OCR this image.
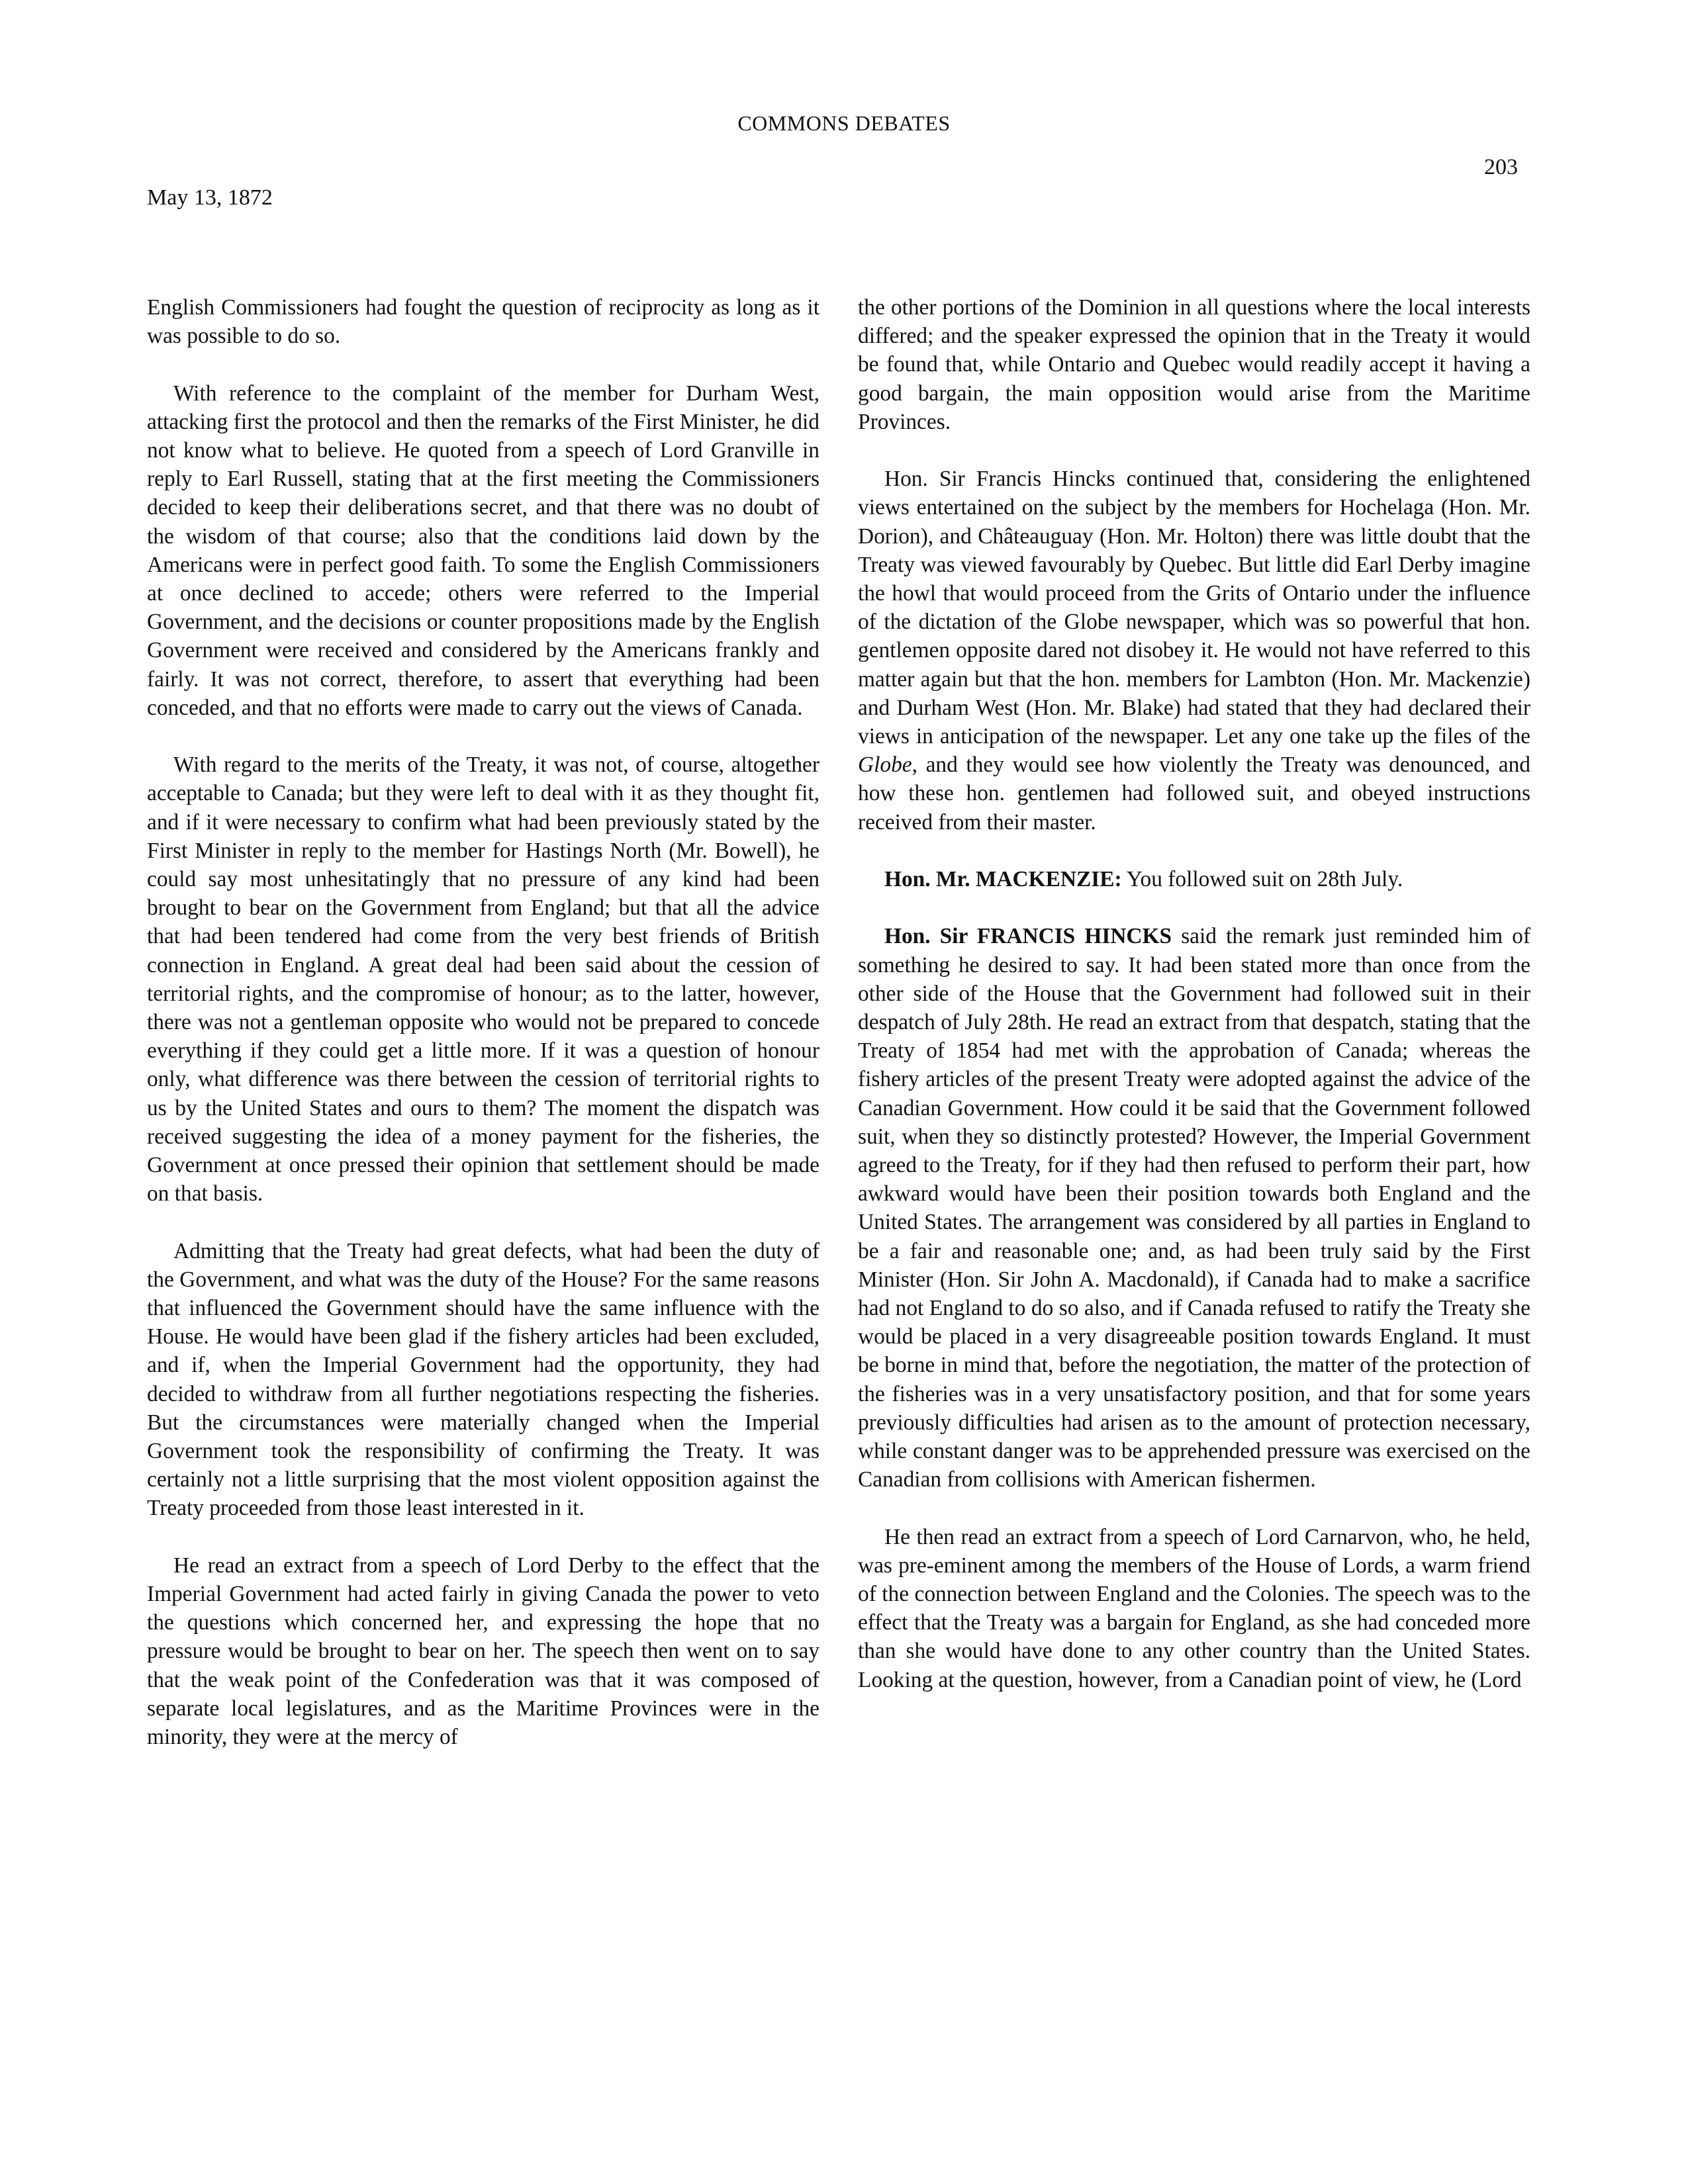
COMMONS DEBATES
203
May 13, 1872

English Commissioners had fought the question of reciprocity as long as it was possible to do so.

With reference to the complaint of the member for Durham West, attacking first the protocol and then the remarks of the First Minister, he did not know what to believe. He quoted from a speech of Lord Granville in reply to Earl Russell, stating that at the first meeting the Commissioners decided to keep their deliberations secret, and that there was no doubt of the wisdom of that course; also that the conditions laid down by the Americans were in perfect good faith. To some the English Commissioners at once declined to accede; others were referred to the Imperial Government, and the decisions or counter propositions made by the English Government were received and considered by the Americans frankly and fairly. It was not correct, therefore, to assert that everything had been conceded, and that no efforts were made to carry out the views of Canada.

With regard to the merits of the Treaty, it was not, of course, altogether acceptable to Canada; but they were left to deal with it as they thought fit, and if it were necessary to confirm what had been previously stated by the First Minister in reply to the member for Hastings North (Mr. Bowell), he could say most unhesitatingly that no pressure of any kind had been brought to bear on the Government from England; but that all the advice that had been tendered had come from the very best friends of British connection in England. A great deal had been said about the cession of territorial rights, and the compromise of honour; as to the latter, however, there was not a gentleman opposite who would not be prepared to concede everything if they could get a little more. If it was a question of honour only, what difference was there between the cession of territorial rights to us by the United States and ours to them? The moment the dispatch was received suggesting the idea of a money payment for the fisheries, the Government at once pressed their opinion that settlement should be made on that basis.

Admitting that the Treaty had great defects, what had been the duty of the Government, and what was the duty of the House? For the same reasons that influenced the Government should have the same influence with the House. He would have been glad if the fishery articles had been excluded, and if, when the Imperial Government had the opportunity, they had decided to withdraw from all further negotiations respecting the fisheries. But the circumstances were materially changed when the Imperial Government took the responsibility of confirming the Treaty. It was certainly not a little surprising that the most violent opposition against the Treaty proceeded from those least interested in it.

He read an extract from a speech of Lord Derby to the effect that the Imperial Government had acted fairly in giving Canada the power to veto the questions which concerned her, and expressing the hope that no pressure would be brought to bear on her. The speech then went on to say that the weak point of the Confederation was that it was composed of separate local legislatures, and as the Maritime Provinces were in the minority, they were at the mercy of

the other portions of the Dominion in all questions where the local interests differed; and the speaker expressed the opinion that in the Treaty it would be found that, while Ontario and Quebec would readily accept it having a good bargain, the main opposition would arise from the Maritime Provinces.

Hon. Sir Francis Hincks continued that, considering the enlightened views entertained on the subject by the members for Hochelaga (Hon. Mr. Dorion), and Châteauguay (Hon. Mr. Holton) there was little doubt that the Treaty was viewed favourably by Quebec. But little did Earl Derby imagine the howl that would proceed from the Grits of Ontario under the influence of the dictation of the Globe newspaper, which was so powerful that hon. gentlemen opposite dared not disobey it. He would not have referred to this matter again but that the hon. members for Lambton (Hon. Mr. Mackenzie) and Durham West (Hon. Mr. Blake) had stated that they had declared their views in anticipation of the newspaper. Let any one take up the files of the Globe, and they would see how violently the Treaty was denounced, and how these hon. gentlemen had followed suit, and obeyed instructions received from their master.

Hon. Mr. MACKENZIE: You followed suit on 28th July.

Hon. Sir FRANCIS HINCKS said the remark just reminded him of something he desired to say. It had been stated more than once from the other side of the House that the Government had followed suit in their despatch of July 28th. He read an extract from that despatch, stating that the Treaty of 1854 had met with the approbation of Canada; whereas the fishery articles of the present Treaty were adopted against the advice of the Canadian Government. How could it be said that the Government followed suit, when they so distinctly protested? However, the Imperial Government agreed to the Treaty, for if they had then refused to perform their part, how awkward would have been their position towards both England and the United States. The arrangement was considered by all parties in England to be a fair and reasonable one; and, as had been truly said by the First Minister (Hon. Sir John A. Macdonald), if Canada had to make a sacrifice had not England to do so also, and if Canada refused to ratify the Treaty she would be placed in a very disagreeable position towards England. It must be borne in mind that, before the negotiation, the matter of the protection of the fisheries was in a very unsatisfactory position, and that for some years previously difficulties had arisen as to the amount of protection necessary, while constant danger was to be apprehended pressure was exercised on the Canadian from collisions with American fishermen.

He then read an extract from a speech of Lord Carnarvon, who, he held, was pre-eminent among the members of the House of Lords, a warm friend of the connection between England and the Colonies. The speech was to the effect that the Treaty was a bargain for England, as she had conceded more than she would have done to any other country than the United States. Looking at the question, however, from a Canadian point of view, he (Lord
